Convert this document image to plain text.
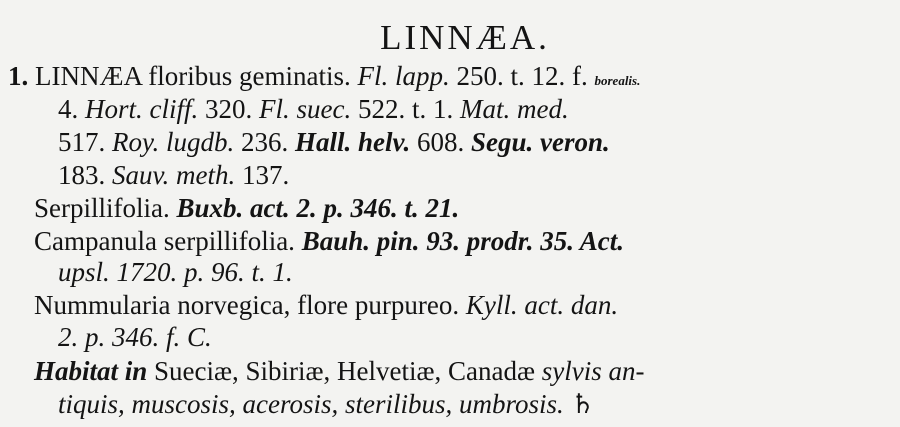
LINNÆA.
1. LINNÆA floribus geminatis. Fl. lapp. 250. t. 12. f. borealis.
4. Hort. cliff. 320. Fl. suec. 522. t. 1. Mat. med.
517. Roy. lugdb. 236. Hall. helv. 608. Segu. veron.
183. Sauv. meth. 137.
Serpillifolia. Buxb. act. 2. p. 346. t. 21.
Campanula serpillifolia. Bauh. pin. 93. prodr. 35. Act.
upsl. 1720. p. 96. t. 1.
Nummularia norvegica, flore purpureo. Kyll. act. dan.
2. p. 346. f. C.
Habitat in Sueciæ, Sibiriæ, Helvetiæ, Canadæ sylvis an-
tiquis, muscosis, acerosis, sterilibus, umbrosis. ♄
